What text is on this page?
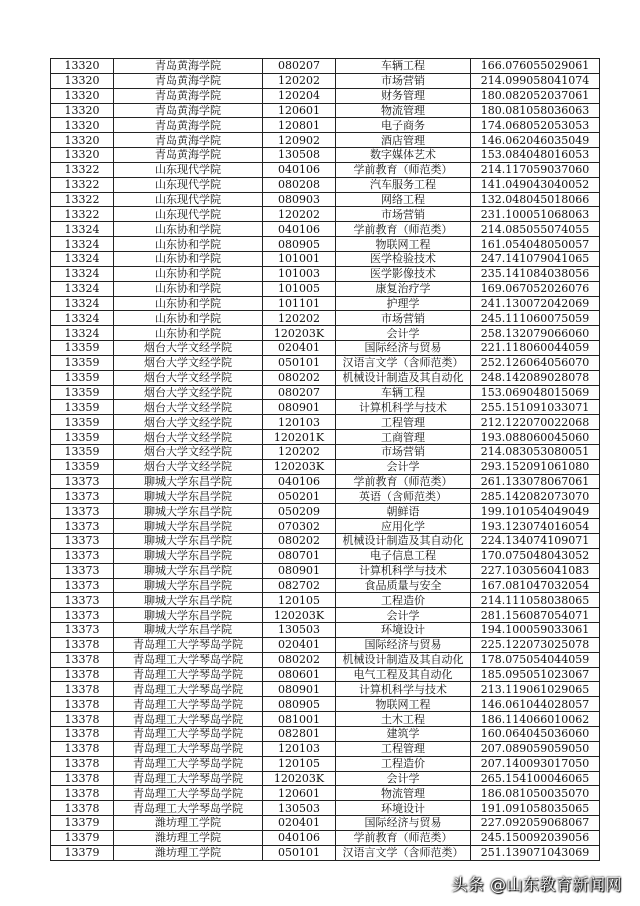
13320	青岛黄海学院	080207	车辆工程	166.076055029061
13320	青岛黄海学院	120202	市场营销	214.099058041074
13320	青岛黄海学院	120204	财务管理	180.082052037061
13320	青岛黄海学院	120601	物流管理	180.081058036063
13320	青岛黄海学院	120801	电子商务	174.068052053053
13320	青岛黄海学院	120902	酒店管理	146.062046035049
13320	青岛黄海学院	130508	数字媒体艺术	153.084048016053
13322	山东现代学院	040106	学前教育（师范类）	214.117059037060
13322	山东现代学院	080208	汽车服务工程	141.049043040052
13322	山东现代学院	080903	网络工程	132.048045018066
13322	山东现代学院	120202	市场营销	231.100051068063
13324	山东协和学院	040106	学前教育（师范类）	214.085055074055
13324	山东协和学院	080905	物联网工程	161.054048050057
13324	山东协和学院	101001	医学检验技术	247.141079041065
13324	山东协和学院	101003	医学影像技术	235.141084038056
13324	山东协和学院	101005	康复治疗学	169.067052026076
13324	山东协和学院	101101	护理学	241.130072042069
13324	山东协和学院	120202	市场营销	245.111060075059
13324	山东协和学院	120203K	会计学	258.132079066060
13359	烟台大学文经学院	020401	国际经济与贸易	221.118060044059
13359	烟台大学文经学院	050101	汉语言文学（含师范类）	252.126064056070
13359	烟台大学文经学院	080202	机械设计制造及其自动化	248.142089028078
13359	烟台大学文经学院	080207	车辆工程	153.069048015069
13359	烟台大学文经学院	080901	计算机科学与技术	255.151091033071
13359	烟台大学文经学院	120103	工程管理	212.122070022068
13359	烟台大学文经学院	120201K	工商管理	193.088060045060
13359	烟台大学文经学院	120202	市场营销	214.083053080051
13359	烟台大学文经学院	120203K	会计学	293.152091061080
13373	聊城大学东昌学院	040106	学前教育（师范类）	261.133078067061
13373	聊城大学东昌学院	050201	英语（含师范类）	285.142082073070
13373	聊城大学东昌学院	050209	朝鲜语	199.101054049049
13373	聊城大学东昌学院	070302	应用化学	193.123074016054
13373	聊城大学东昌学院	080202	机械设计制造及其自动化	224.134074109071
13373	聊城大学东昌学院	080701	电子信息工程	170.075048043052
13373	聊城大学东昌学院	080901	计算机科学与技术	227.103056041083
13373	聊城大学东昌学院	082702	食品质量与安全	167.081047032054
13373	聊城大学东昌学院	120105	工程造价	214.111058038065
13373	聊城大学东昌学院	120203K	会计学	281.156087054071
13373	聊城大学东昌学院	130503	环境设计	194.100059033061
13378	青岛理工大学琴岛学院	020401	国际经济与贸易	225.122073025078
13378	青岛理工大学琴岛学院	080202	机械设计制造及其自动化	178.075054044059
13378	青岛理工大学琴岛学院	080601	电气工程及其自动化	185.095051023067
13378	青岛理工大学琴岛学院	080901	计算机科学与技术	213.119061029065
13378	青岛理工大学琴岛学院	080905	物联网工程	146.061044028057
13378	青岛理工大学琴岛学院	081001	土木工程	186.114066010062
13378	青岛理工大学琴岛学院	082801	建筑学	160.064045036060
13378	青岛理工大学琴岛学院	120103	工程管理	207.089059059050
13378	青岛理工大学琴岛学院	120105	工程造价	207.140093017050
13378	青岛理工大学琴岛学院	120203K	会计学	265.154100046065
13378	青岛理工大学琴岛学院	120601	物流管理	186.081050035070
13378	青岛理工大学琴岛学院	130503	环境设计	191.091058035065
13379	潍坊理工学院	020401	国际经济与贸易	227.092059068067
13379	潍坊理工学院	040106	学前教育（师范类）	245.150092039056
13379	潍坊理工学院	050101	汉语言文学（含师范类）	251.139071043069
头条 @山东教育新闻网
